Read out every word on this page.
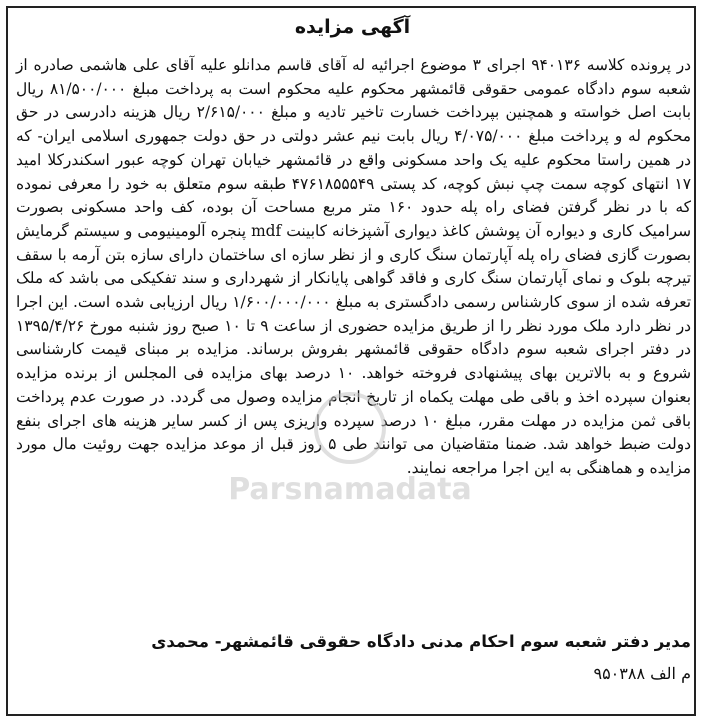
آگهی مزایده

در پرونده کلاسه ۹۴۰۱۳۶ اجرای ۳ موضوع اجرائیه له آقای قاسم مدانلو علیه آقای علی هاشمی صادره از شعبه سوم دادگاه عمومی حقوقی قائمشهر محکوم علیه محکوم است به پرداخت مبلغ ۸۱/۵۰۰/۰۰۰ ریال بابت اصل خواسته و همچنین بپرداخت خسارت تاخیر تادیه و مبلغ ۲/۶۱۵/۰۰۰ ریال هزینه دادرسی در حق محکوم له و پرداخت مبلغ ۴/۰۷۵/۰۰۰ ریال بابت نیم عشر دولتی در حق دولت جمهوری اسلامی ایران- که در همین راستا محکوم علیه یک واحد مسکونی واقع در قائمشهر خیابان تهران کوچه عبور اسکندرکلا امید ۱۷ انتهای کوچه سمت چپ نبش کوچه، کد پستی ۴۷۶۱۸۵۵۵۴۹ طبقه سوم متعلق به خود را معرفی نموده که با در نظر گرفتن فضای راه پله حدود ۱۶۰ متر مربع مساحت آن بوده، کف واحد مسکونی بصورت سرامیک کاری و دیواره آن پوشش کاغذ دیواری آشپزخانه کابینت mdf پنجره آلومینیومی و سیستم گرمایش بصورت گازی فضای راه پله آپارتمان سنگ کاری و از نظر سازه ای ساختمان دارای سازه بتن آرمه با سقف تیرچه بلوک و نمای آپارتمان سنگ کاری و فاقد گواهی پایانکار از شهرداری و سند تفکیکی می باشد که ملک تعرفه شده از سوی کارشناس رسمی دادگستری به مبلغ ۱/۶۰۰/۰۰۰/۰۰۰ ریال ارزیابی شده است. این اجرا در نظر دارد ملک مورد نظر را از طریق مزایده حضوری از ساعت ۹ تا ۱۰ صبح روز شنبه مورخ ۱۳۹۵/۴/۲۶ در دفتر اجرای شعبه سوم دادگاه حقوقی قائمشهر بفروش برساند. مزایده بر مبنای قیمت کارشناسی شروع و به بالاترین بهای پیشنهادی فروخته خواهد. ۱۰ درصد بهای مزایده فی المجلس از برنده مزایده بعنوان سپرده اخذ و باقی طی مهلت یکماه از تاریخ انجام مزایده وصول می گردد. در صورت عدم پرداخت باقی ثمن مزایده در مهلت مقرر، مبلغ ۱۰ درصد سپرده واریزی پس از کسر سایر هزینه های اجرای بنفع دولت ضبط خواهد شد. ضمنا متقاضیان می توانند طی ۵ روز قبل از موعد مزایده جهت روئیت مال مورد مزایده و هماهنگی به این اجرا مراجعه نمایند.

مدیر دفتر شعبه سوم احکام مدنی دادگاه حقوقی قائمشهر- محمدی
م الف ۹۵۰۳۸۸
Parsnamadata
